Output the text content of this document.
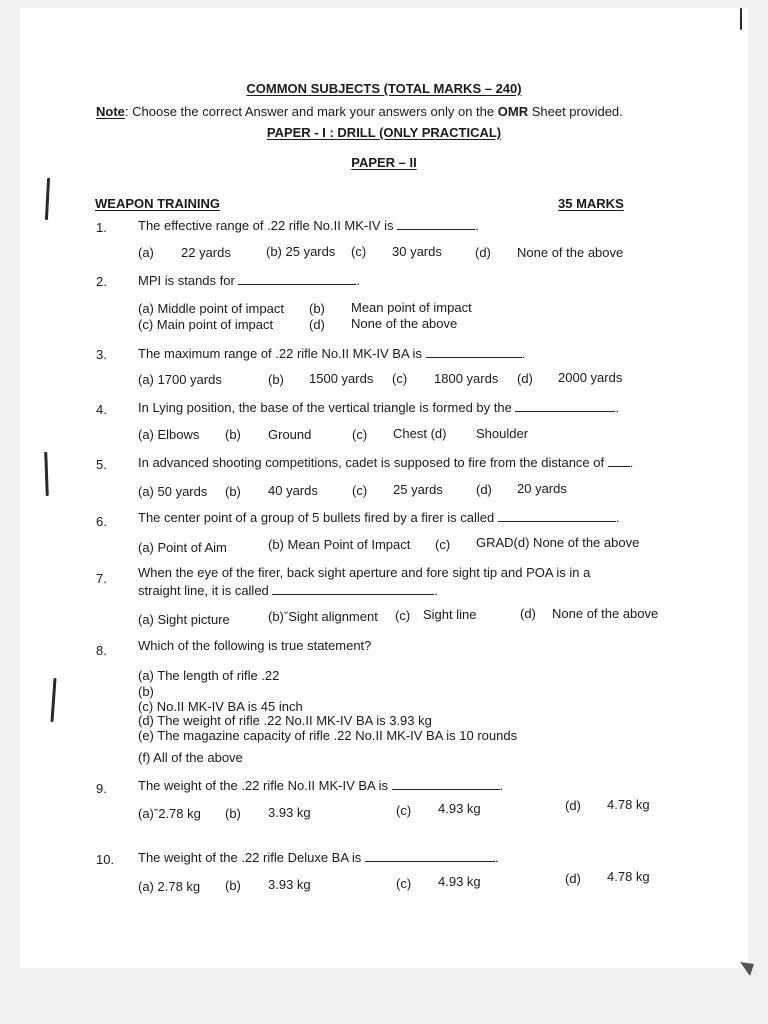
COMMON SUBJECTS (TOTAL MARKS – 240)
Note: Choose the correct Answer and mark your answers only on the OMR Sheet provided.
PAPER - I : DRILL (ONLY PRACTICAL)
PAPER – II
WEAPON TRAINING	35 MARKS
1. The effective range of .22 rifle No.II MK-IV is	.
(a) 22 yards	(b) 25 yards (c) 30 yards	(d) None of the above
2. MPI is stands for	.
(a) Middle point of impact (b) Mean point of impact
(c) Main point of impact	(d) None of the above
3. The maximum range of .22 rifle No.II MK-IV BA is	.
(a) 1700 yards	(b) 1500 yards (c) 1800 yards (d) 2000 yards
4. In Lying position, the base of the vertical triangle is formed by the	.
(a) Elbows (b) Ground	(c) Chest (d) Shoulder
5. In advanced shooting competitions, cadet is supposed to fire from the distance of .
(a) 50 yards (b) 40 yards	(c) 25 yards	(d) 20 yards
6. The center point of a group of 5 bullets fired by a firer is called	.
(a) Point of Aim	(b) Mean Point of Impact (c) GRAD(d) None of the above
7. When the eye of the firer, back sight aperture and fore sight tip and POA is in a
straight line, it is called	.
(a) Sight picture	(b)ˇSight alignment (c) Sight line	(d) None of the above
8. Which of the following is true statement?
(a) The length of rifle .22
(b)
(c) No.II MK-IV BA is 45 inch
(d) The weight of rifle .22 No.II MK-IV BA is 3.93 kg
(e) The magazine capacity of rifle .22 No.II MK-IV BA is 10 rounds
(f) All of the above
9. The weight of the .22 rifle No.II MK-IV BA is	.
(a)ˇ2.78 kg (b) 3.93 kg	(c) 4.93 kg	(d) 4.78 kg
10. The weight of the .22 rifle Deluxe BA is	.
(a) 2.78 kg (b) 3.93 kg	(c) 4.93 kg	(d) 4.78 kg
